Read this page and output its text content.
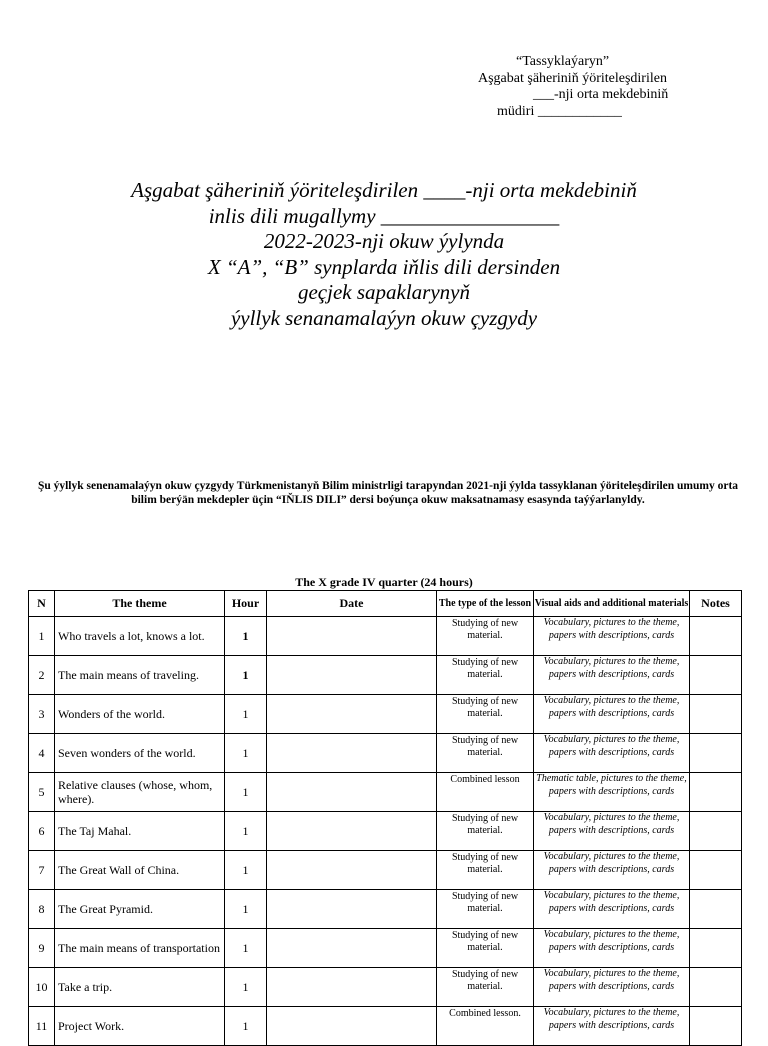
“Tassyklaýaryn”
Aşgabat şäheriniň ýöriteleşdirilen
___-nji orta mekdebiniň
müdiri ____________
Aşgabat şäheriniň ýöriteleşdirilen ____-nji orta mekdebiniň
inlis dili mugallymy _________________
2022-2023-nji okuw ýylynda
X “A”, “B” synplarda iňlis dili dersinden
geçjek sapaklarynyň
ýyllyk senanamalaýyn okuw çyzgydy
Şu ýyllyk senenamalaýyn okuw çyzgydy Türkmenistanyň Bilim ministrligi tarapyndan 2021-nji ýylda tassyklanan ýöriteleşdirilen umumy orta bilim berýän mekdepler üçin “IŇLIS DILI” dersi boýunça okuw maksatnamasy esasynda taýýarlanyldy.
The X grade IV quarter (24 hours)
N	The theme	Hour	Date	The type of the lesson	Visual aids and additional materials	Notes
1	Who travels a lot, knows a lot.	1		Studying of new material.	Vocabulary, pictures to the theme, papers with descriptions, cards	
2	The main means of traveling.	1		Studying of new material.	Vocabulary, pictures to the theme, papers with descriptions, cards	
3	Wonders of the world.	1		Studying of new material.	Vocabulary, pictures to the theme, papers with descriptions, cards	
4	Seven wonders of the world.	1		Studying of new material.	Vocabulary, pictures to the theme, papers with descriptions, cards	
5	Relative clauses (whose, whom, where).	1		Combined lesson	Thematic table, pictures to the theme, papers with descriptions, cards	
6	The Taj Mahal.	1		Studying of new material.	Vocabulary, pictures to the theme, papers with descriptions, cards	
7	The Great Wall of China.	1		Studying of new material.	Vocabulary, pictures to the theme, papers with descriptions, cards	
8	The Great Pyramid.	1		Studying of new material.	Vocabulary, pictures to the theme, papers with descriptions, cards	
9	The main means of transportation	1		Studying of new material.	Vocabulary, pictures to the theme, papers with descriptions, cards	
10	Take a trip.	1		Studying of new material.	Vocabulary, pictures to the theme, papers with descriptions, cards	
11	Project Work.	1		Combined lesson.	Vocabulary, pictures to the theme, papers with descriptions, cards	
